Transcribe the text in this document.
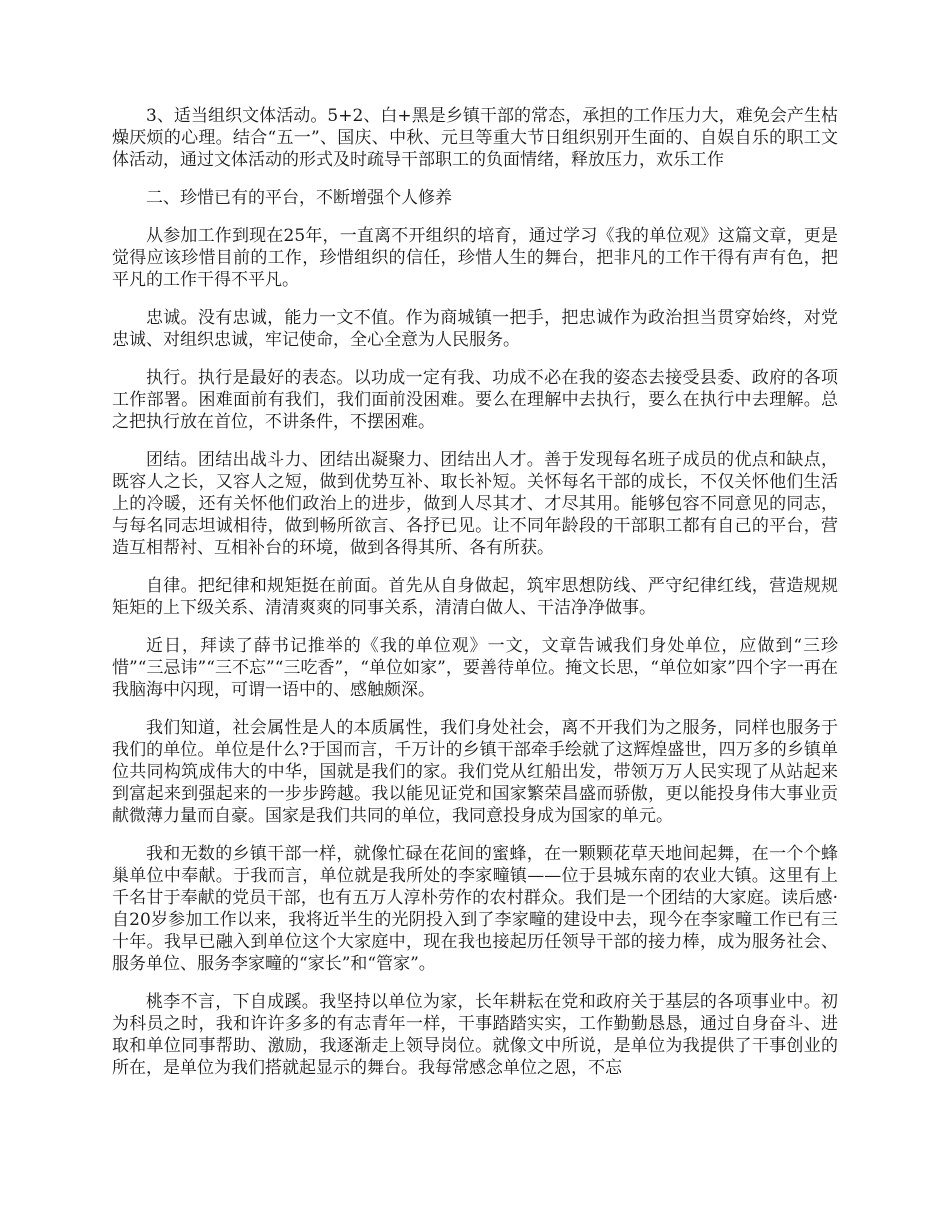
3、适当组织文体活动。5+2、白+黑是乡镇干部的常态，承担的工作压力大，难免会产生枯燥厌烦的心理。结合“五一”、国庆、中秋、元旦等重大节日组织别开生面的、自娱自乐的职工文体活动，通过文体活动的形式及时疏导干部职工的负面情绪，释放压力，欢乐工作

二、珍惜已有的平台，不断增强个人修养

从参加工作到现在25年，一直离不开组织的培育，通过学习《我的单位观》这篇文章，更是觉得应该珍惜目前的工作，珍惜组织的信任，珍惜人生的舞台，把非凡的工作干得有声有色，把平凡的工作干得不平凡。

忠诚。没有忠诚，能力一文不值。作为商城镇一把手，把忠诚作为政治担当贯穿始终，对党忠诚、对组织忠诚，牢记使命，全心全意为人民服务。

执行。执行是最好的表态。以功成一定有我、功成不必在我的姿态去接受县委、政府的各项工作部署。困难面前有我们，我们面前没困难。要么在理解中去执行，要么在执行中去理解。总之把执行放在首位，不讲条件，不摆困难。

团结。团结出战斗力、团结出凝聚力、团结出人才。善于发现每名班子成员的优点和缺点，既容人之长，又容人之短，做到优势互补、取长补短。关怀每名干部的成长，不仅关怀他们生活上的冷暖，还有关怀他们政治上的进步，做到人尽其才、才尽其用。能够包容不同意见的同志，与每名同志坦诚相待，做到畅所欲言、各抒已见。让不同年龄段的干部职工都有自己的平台，营造互相帮衬、互相补台的环境，做到各得其所、各有所获。

自律。把纪律和规矩挺在前面。首先从自身做起，筑牢思想防线、严守纪律红线，营造规规矩矩的上下级关系、清清爽爽的同事关系，清清白做人、干洁净净做事。

近日，拜读了薛书记推举的《我的单位观》一文，文章告诫我们身处单位，应做到“三珍惜”“三忌讳”“三不忘”“三吃香”，“单位如家”，要善待单位。掩文长思，“单位如家”四个字一再在我脑海中闪现，可谓一语中的、感触颇深。

我们知道，社会属性是人的本质属性，我们身处社会，离不开我们为之服务，同样也服务于我们的单位。单位是什么?于国而言，千万计的乡镇干部牵手绘就了这辉煌盛世，四万多的乡镇单位共同构筑成伟大的中华，国就是我们的家。我们党从红船出发，带领万万人民实现了从站起来到富起来到强起来的一步步跨越。我以能见证党和国家繁荣昌盛而骄傲，更以能投身伟大事业贡献微薄力量而自豪。国家是我们共同的单位，我同意投身成为国家的单元。

我和无数的乡镇干部一样，就像忙碌在花间的蜜蜂，在一颗颗花草天地间起舞，在一个个蜂巢单位中奉献。于我而言，单位就是我所处的李家疃镇——位于县城东南的农业大镇。这里有上千名甘于奉献的党员干部，也有五万人淳朴劳作的农村群众。我们是一个团结的大家庭。读后感·自20岁参加工作以来，我将近半生的光阴投入到了李家疃的建设中去，现今在李家疃工作已有三十年。我早已融入到单位这个大家庭中，现在我也接起历任领导干部的接力棒，成为服务社会、服务单位、服务李家疃的“家长”和“管家”。

桃李不言，下自成蹊。我坚持以单位为家，长年耕耘在党和政府关于基层的各项事业中。初为科员之时，我和许许多多的有志青年一样，干事踏踏实实，工作勤勤恳恳，通过自身奋斗、进取和单位同事帮助、激励，我逐渐走上领导岗位。就像文中所说，是单位为我提供了干事创业的所在，是单位为我们搭就起显示的舞台。我每常感念单位之恩，不忘
